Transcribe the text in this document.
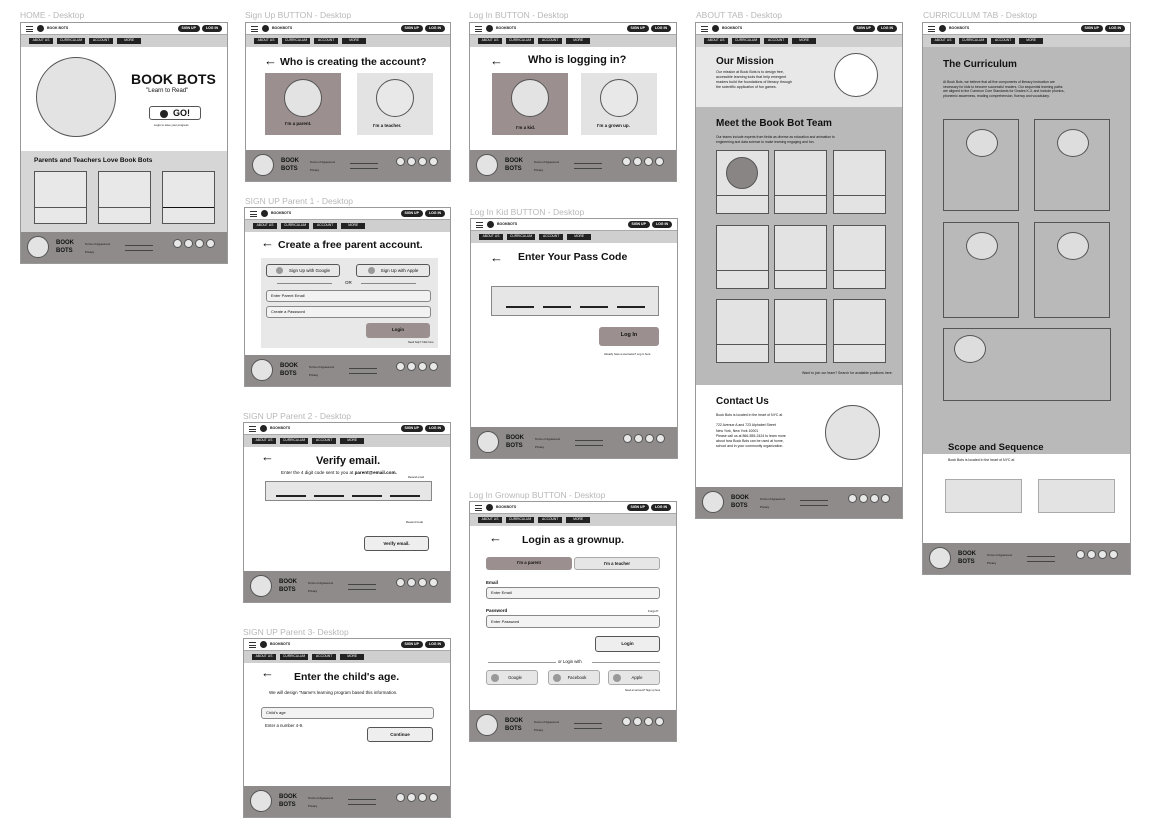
HOME - Desktop	Sign Up BUTTON - Desktop	Log In BUTTON - Desktop	ABOUT TAB - Desktop	CURRICULUM TAB - Desktop
SIGN UP Parent 1 - Desktop
Log In Kid BUTTON - Desktop
SIGN UP Parent 2 - Desktop
Log In Grownup BUTTON - Desktop
SIGN UP Parent 3- Desktop
BOOK BOTS	SIGN UP	LOG IN
ABOUT US	CURRICULUM	ACCOUNT	MORE
BOOK BOTS
"Learn to Read"
GO!
Login to save your progress
Parents and Teachers Love Book Bots
BOOK
BOTS
Terms of Agreement
Privacy
BOOKBOTS	SIGN UP	LOG IN
ABOUT US	CURRICULUM	ACCOUNT	MORE
← Who is creating the account?
I'm a parent.	I'm a teacher.
BOOK
BOTS
Terms of Agreement
Privacy
BOOKBOTS	SIGN UP	LOG IN
ABOUT US	CURRICULUM	ACCOUNT	MORE
← Who is logging in?
I'm a kid.	I'm a grown up.
BOOK
BOTS
Terms of Agreement
Privacy
BOOKBOTS	SIGN UP	LOG IN
ABOUT US	CURRICULUM	ACCOUNT	MORE
Our Mission
Our mission at Book Bots is to design free,
accessible learning tools that help emergent
readers build the foundations of literacy through
the scientific application of fun games.
Meet the Book Bot Team
Our teams include experts from fields as diverse as education and animation to
engineering and data science to make learning engaging and fun.
Want to join our team? Search for available positions here.
Contact Us
Book Bots is located in the heart of NYC at

722 Avenue A and 723 Alphabet Street
New York, New York 10001
Please call us at 866-555-2424 to learn more
about how Book Bots can be used at home,
school and in your community organization.
BOOK
BOTS
Terms of Agreement
Privacy
BOOKBOTS	SIGN UP	LOG IN
ABOUT US	CURRICULUM	ACCOUNT	MORE
The Curriculum
At Book Bots, we believe that all five components of literacy instruction are
necessary for kids to become successful readers. Our sequential learning paths
are aligned to the Common Core Standards for Grades K-3, and include phonics,
phonemic awareness, reading comprehension, fluency and vocabulary.
Scope and Sequence
Book Bots is located in the heart of NYC at
BOOK
BOTS
Terms of Agreement
Privacy
BOOKBOTS	SIGN UP	LOG IN
ABOUT US	CURRICULUM	ACCOUNT	MORE
← Create a free parent account.
Sign Up with Google	Sign Up with Apple
OR
Enter Parent Email
Create a Password
Login
Need help? Click here
BOOK
BOTS
Terms of Agreement
Privacy
BOOKBOTS	SIGN UP	LOG IN
ABOUT US	CURRICULUM	ACCOUNT	MORE
← Enter Your Pass Code
Log In
Already have a username? Log in here
BOOK
BOTS
Terms of Agreement
Privacy
BOOKBOTS	SIGN UP	LOG IN
ABOUT US	CURRICULUM	ACCOUNT	MORE
←	Verify email.
Enter the 4 digit code sent to you at parent@email.com.
Resend email
Resend Code
Verify email.
BOOK
BOTS
Terms of Agreement
Privacy
BOOKBOTS	SIGN UP	LOG IN
ABOUT US	CURRICULUM	ACCOUNT	MORE
← Login as a grownup.
I'm a parent	I'm a teacher
Email
Enter Email
Password	Forgot?
Enter Password
Login
or Login with
Google	Facebook	Apple
Need an account? Sign up here
BOOK
BOTS
Terms of Agreement
Privacy
BOOKBOTS	SIGN UP	LOG IN
ABOUT US	CURRICULUM	ACCOUNT	MORE
← Enter the child's age.
We will design "Name's learning program based this information.
Child's age
Enter a number 4-9.
Continue
BOOK
BOTS
Terms of Agreement
Privacy
